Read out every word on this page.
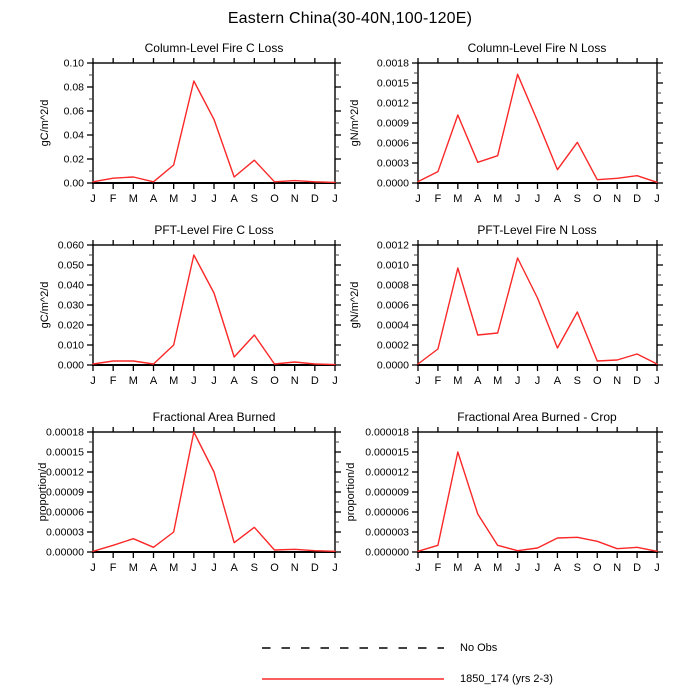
Eastern China(30-40N,100-120E)
Column-Level Fire C Loss
gC/m^2/d
0.00
0.02
0.04
0.06
0.08
0.10
J F M A M J J A S O N D J
Column-Level Fire N Loss
gN/m^2/d
0.0000
0.0003
0.0006
0.0009
0.0012
0.0015
0.0018
J F M A M J J A S O N D J
PFT-Level Fire C Loss
gC/m^2/d
0.000
0.010
0.020
0.030
0.040
0.050
0.060
J F M A M J J A S O N D J
PFT-Level Fire N Loss
gN/m^2/d
0.0000
0.0002
0.0004
0.0006
0.0008
0.0010
0.0012
J F M A M J J A S O N D J
Fractional Area Burned
proportion/d
0.00000
0.00003
0.00006
0.00009
0.00012
0.00015
0.00018
J F M A M J J A S O N D J
Fractional Area Burned - Crop
proportion/d
0.000000
0.000003
0.000006
0.000009
0.000012
0.000015
0.000018
J F M A M J J A S O N D J
No Obs
1850_174 (yrs 2-3)
